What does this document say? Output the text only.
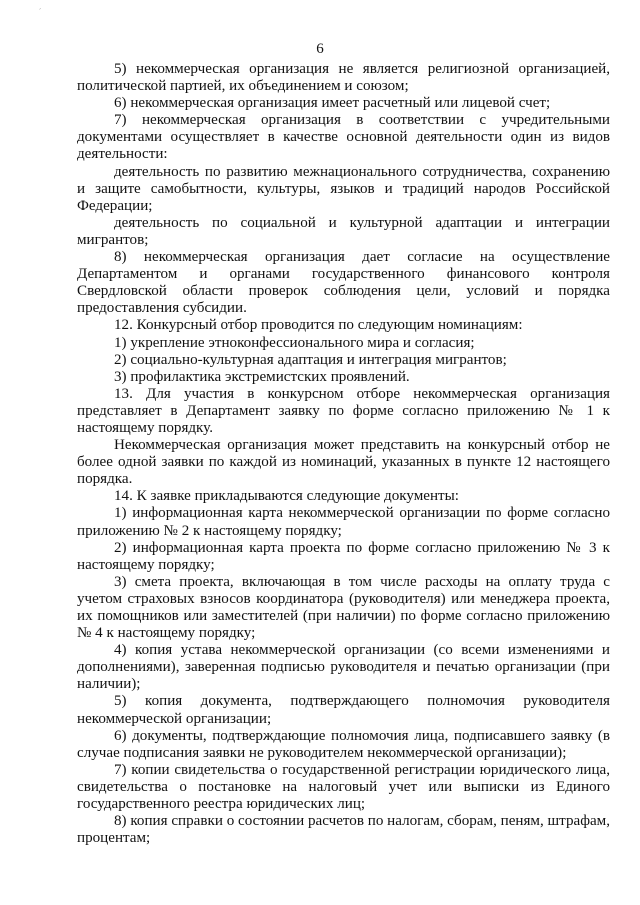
´
6

5) некоммерческая организация не является религиозной организацией, политической партией, их объединением и союзом;

6) некоммерческая организация имеет расчетный или лицевой счет;

7) некоммерческая организация в соответствии с учредительными документами осуществляет в качестве основной деятельности один из видов деятельности:

деятельность по развитию межнационального сотрудничества, сохранению и защите самобытности, культуры, языков и традиций народов Российской Федерации;

деятельность по социальной и культурной адаптации и интеграции мигрантов;

8) некоммерческая организация дает согласие на осуществление Департаментом и органами государственного финансового контроля Свердловской области проверок соблюдения цели, условий и порядка предоставления субсидии.

12. Конкурсный отбор проводится по следующим номинациям:

1) укрепление этноконфессионального мира и согласия;

2) социально-культурная адаптация и интеграция мигрантов;

3) профилактика экстремистских проявлений.

13. Для участия в конкурсном отборе некоммерческая организация представляет в Департамент заявку по форме согласно приложению № 1 к настоящему порядку.

Некоммерческая организация может представить на конкурсный отбор не более одной заявки по каждой из номинаций, указанных в пункте 12 настоящего порядка.

14. К заявке прикладываются следующие документы:

1) информационная карта некоммерческой организации по форме согласно приложению № 2 к настоящему порядку;

2) информационная карта проекта по форме согласно приложению № 3 к настоящему порядку;

3) смета проекта, включающая в том числе расходы на оплату труда с учетом страховых взносов координатора (руководителя) или менеджера проекта, их помощников или заместителей (при наличии) по форме согласно приложению № 4 к настоящему порядку;

4) копия устава некоммерческой организации (со всеми изменениями и дополнениями), заверенная подписью руководителя и печатью организации (при наличии);

5) копия документа, подтверждающего полномочия руководителя некоммерческой организации;

6) документы, подтверждающие полномочия лица, подписавшего заявку (в случае подписания заявки не руководителем некоммерческой организации);

7) копии свидетельства о государственной регистрации юридического лица, свидетельства о постановке на налоговый учет или выписки из Единого государственного реестра юридических лиц;

8) копия справки о состоянии расчетов по налогам, сборам, пеням, штрафам, процентам;
